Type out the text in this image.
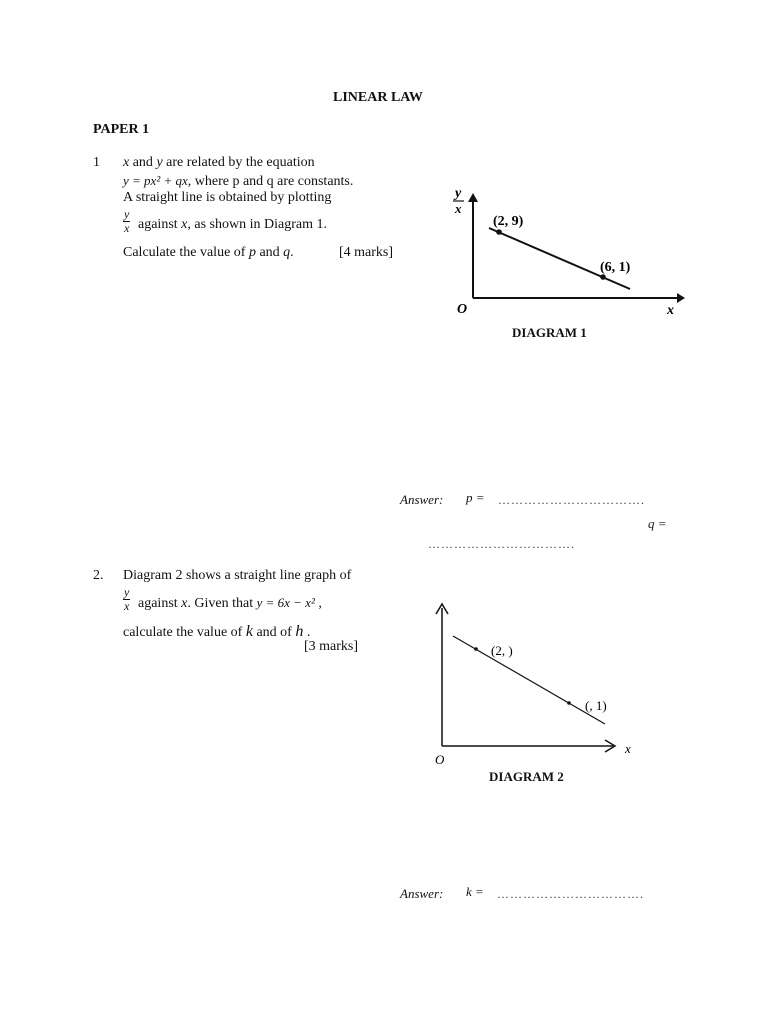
LINEAR LAW
PAPER 1
1 x and y are related by the equation
y = px² + qx, where p and q are constants.
A straight line is obtained by plotting
$\frac{y}{x}$ against x, as shown in Diagram 1.
Calculate the value of p and q.	[4 marks]
y
x
O	x
(2, 9)
(6, 1)
DIAGRAM 1
Answer: p = …………………………….
q =
…………………………….
2. Diagram 2 shows a straight line graph of
$\frac{y}{x}$ against x. Given that y = 6x − x² ,
calculate the value of k and of h .
[3 marks]	(2, )
(, 1)
O
x
DIAGRAM 2
Answer: k = …………………………….
